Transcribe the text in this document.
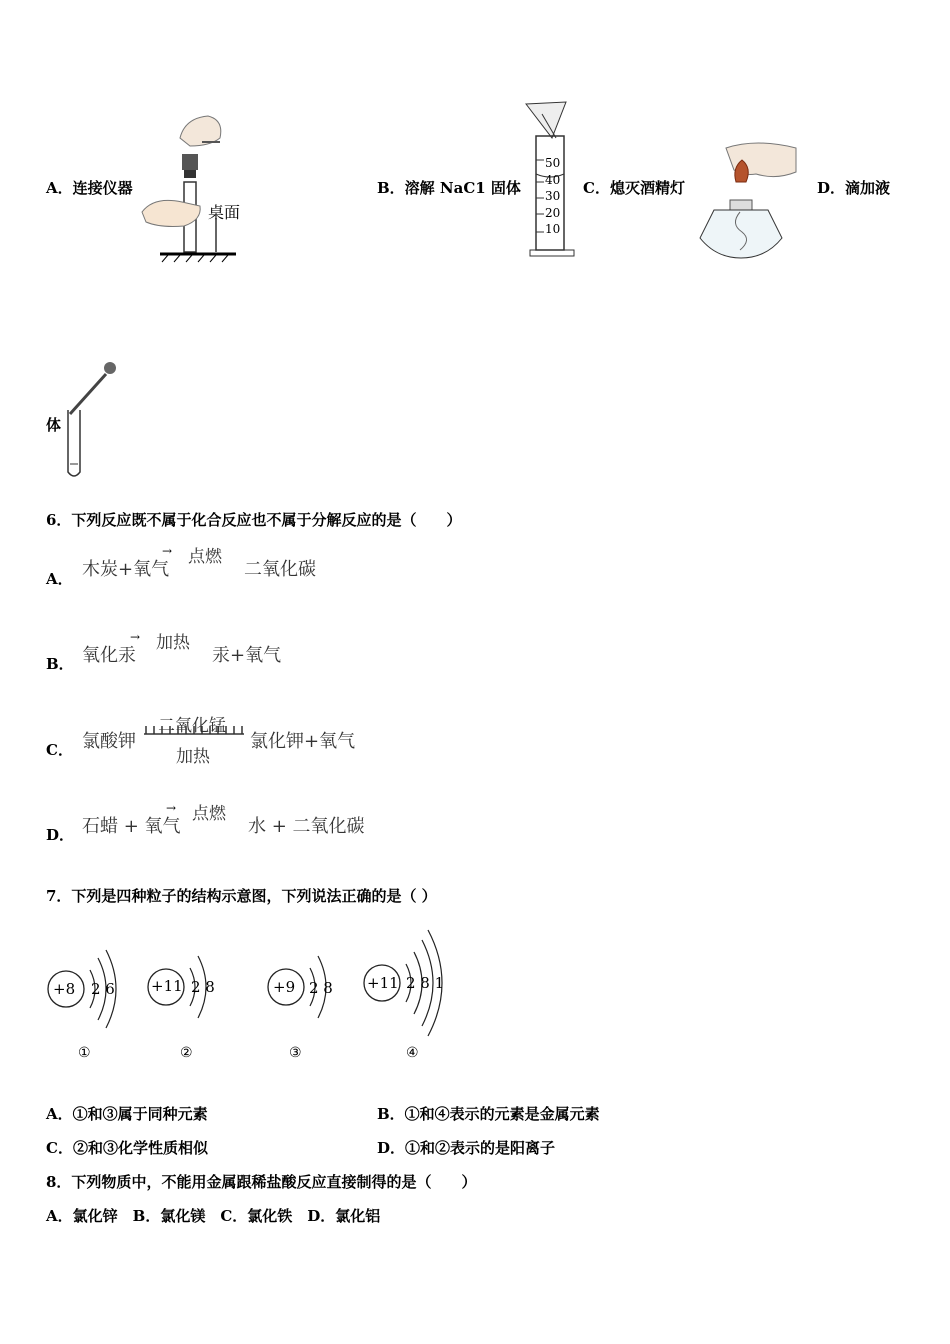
A．连接仪器
桌面
B．溶解 NaC1 固体
50
40
30
20
10
C．熄灭酒精灯	D．滴加液
体
6．下列反应既不属于化合反应也不属于分解反应的是（　　）
A． 木炭+氧气
→ 点燃
二氧化碳
B． 氧化汞
→ 加热
汞+氧气
C． 氯酸钾
二氧化锰
加热
氯化钾+氧气
D． 石蜡 + 氧气
→ 点燃
水 + 二氧化碳
7．下列是四种粒子的结构示意图，下列说法正确的是（ ）
+8 2 6
①
+11 2 8
②
+9 2 8
③
+11 2 8 1
④
A．①和③属于同种元素	B．①和④表示的元素是金属元素
C．②和③化学性质相似	D．①和②表示的是阳离子
8．下列物质中，不能用金属跟稀盐酸反应直接制得的是（　　）
A．氯化锌　B．氯化镁　C．氯化铁　D．氯化铝
